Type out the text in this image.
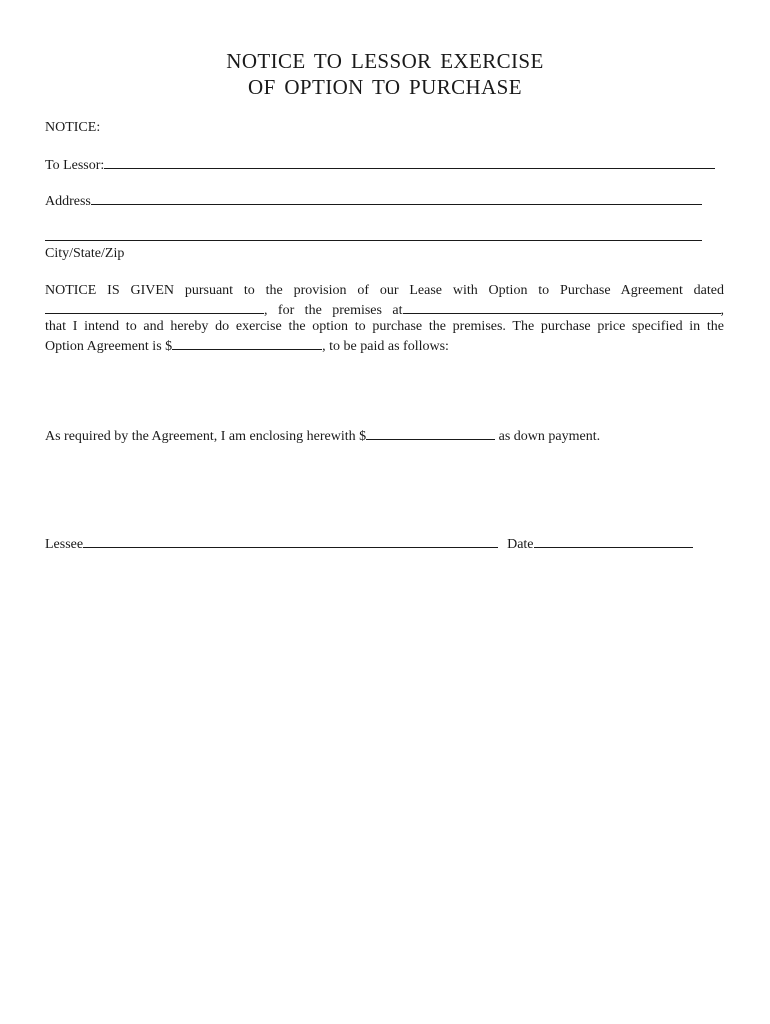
NOTICE TO LESSOR EXERCISE
OF OPTION TO PURCHASE
NOTICE:
To Lessor:
Address
City/State/Zip
NOTICE IS GIVEN pursuant to the provision of our Lease with Option to Purchase Agreement dated
, for the premises at	,
that I intend to and hereby do exercise the option to purchase the premises. The purchase price specified in the
Option Agreement is $	, to be paid as follows:
As required by the Agreement, I am enclosing herewith $	as down payment.
Lessee	Date
